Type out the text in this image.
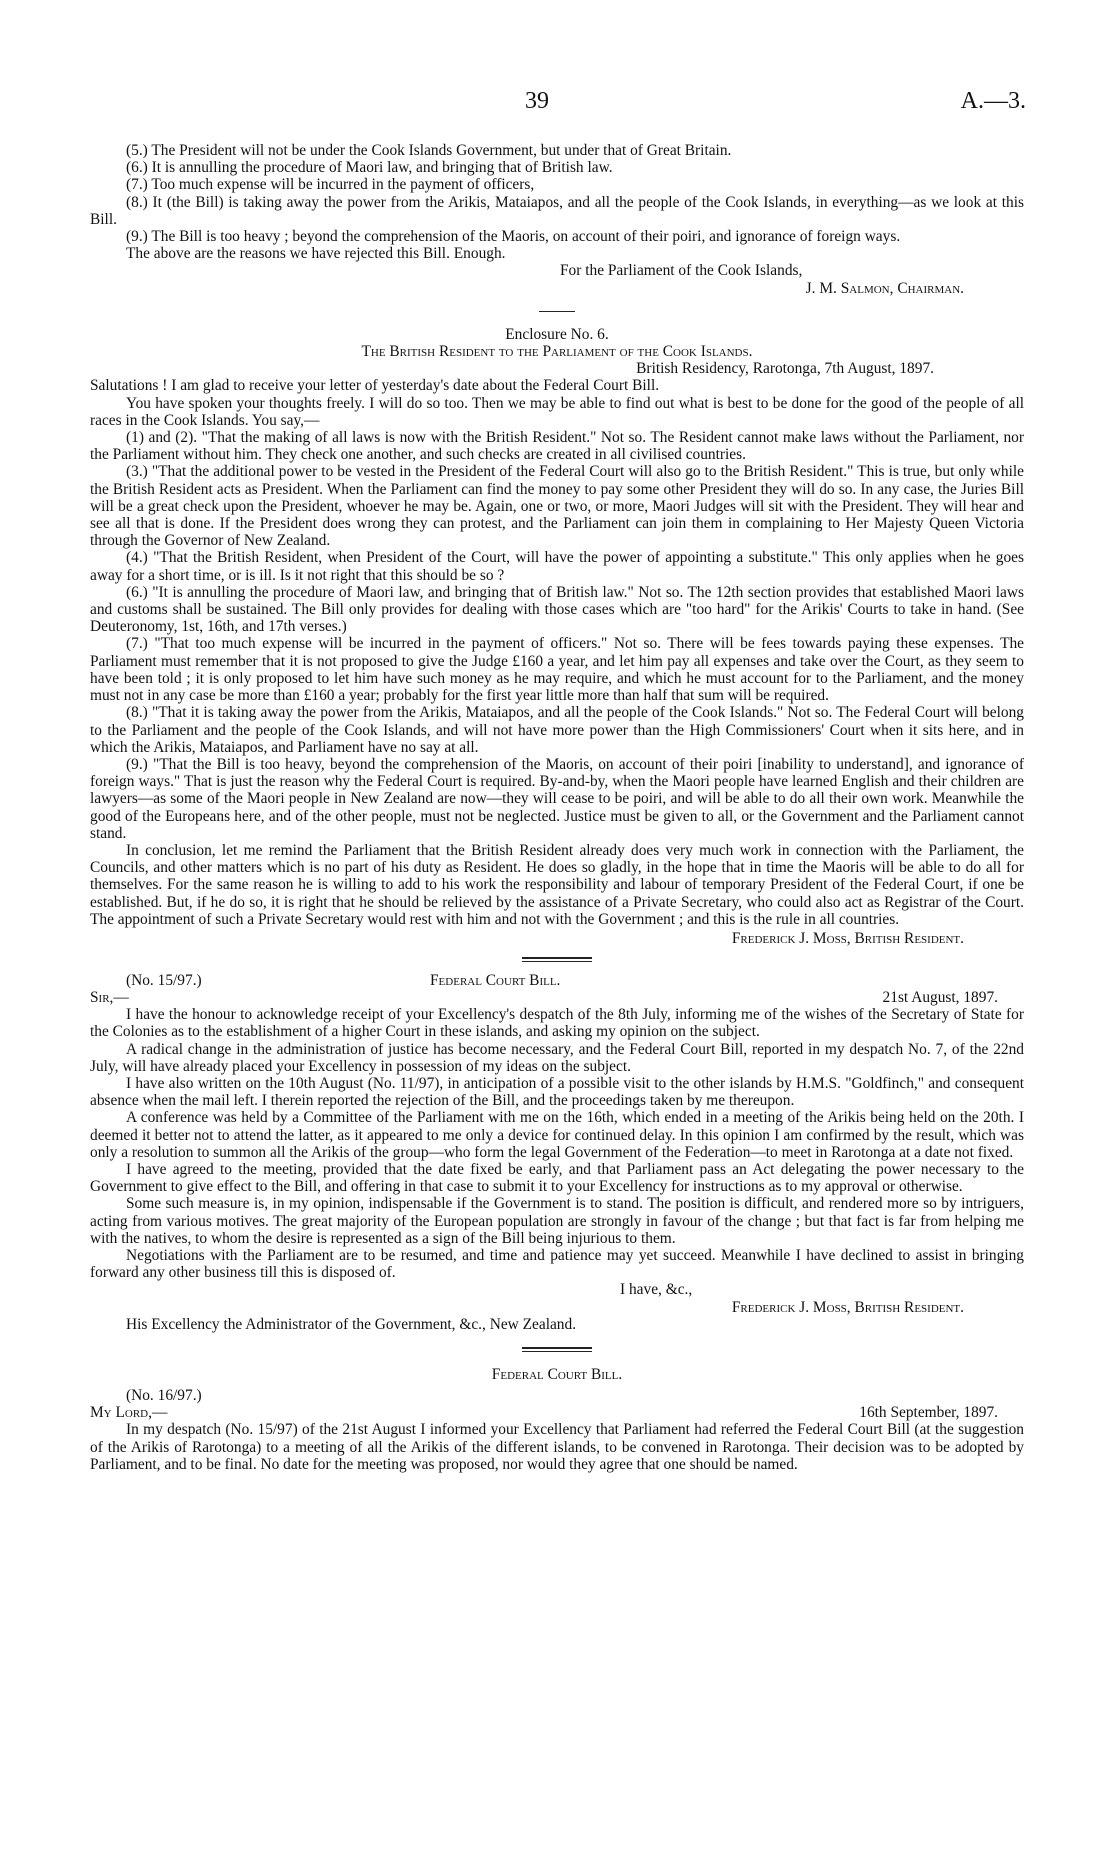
39	A.—3.

(5.) The President will not be under the Cook Islands Government, but under that of Great Britain.

(6.) It is annulling the procedure of Maori law, and bringing that of British law.

(7.) Too much expense will be incurred in the payment of officers,

(8.) It (the Bill) is taking away the power from the Arikis, Mataiapos, and all the people of the Cook Islands, in everything—as we look at this Bill.

(9.) The Bill is too heavy ; beyond the comprehension of the Maoris, on account of their poiri, and ignorance of foreign ways.

The above are the reasons we have rejected this Bill. Enough.

For the Parliament of the Cook Islands,

J. M. Salmon, Chairman.

Enclosure No. 6.

The British Resident to the Parliament of the Cook Islands.

British Residency, Rarotonga, 7th August, 1897.

Salutations ! I am glad to receive your letter of yesterday's date about the Federal Court Bill.

You have spoken your thoughts freely. I will do so too. Then we may be able to find out what is best to be done for the good of the people of all races in the Cook Islands. You say,—

(1) and (2). "That the making of all laws is now with the British Resident." Not so. The Resident cannot make laws without the Parliament, nor the Parliament without him. They check one another, and such checks are created in all civilised countries.

(3.) "That the additional power to be vested in the President of the Federal Court will also go to the British Resident." This is true, but only while the British Resident acts as President. When the Parliament can find the money to pay some other President they will do so. In any case, the Juries Bill will be a great check upon the President, whoever he may be. Again, one or two, or more, Maori Judges will sit with the President. They will hear and see all that is done. If the President does wrong they can protest, and the Parliament can join them in complaining to Her Majesty Queen Victoria through the Governor of New Zealand.

(4.) "That the British Resident, when President of the Court, will have the power of appointing a substitute." This only applies when he goes away for a short time, or is ill. Is it not right that this should be so ?

(6.) "It is annulling the procedure of Maori law, and bringing that of British law." Not so. The 12th section provides that established Maori laws and customs shall be sustained. The Bill only provides for dealing with those cases which are "too hard" for the Arikis' Courts to take in hand. (See Deuteronomy, 1st, 16th, and 17th verses.)

(7.) "That too much expense will be incurred in the payment of officers." Not so. There will be fees towards paying these expenses. The Parliament must remember that it is not proposed to give the Judge £160 a year, and let him pay all expenses and take over the Court, as they seem to have been told ; it is only proposed to let him have such money as he may require, and which he must account for to the Parliament, and the money must not in any case be more than £160 a year; probably for the first year little more than half that sum will be required.

(8.) "That it is taking away the power from the Arikis, Mataiapos, and all the people of the Cook Islands." Not so. The Federal Court will belong to the Parliament and the people of the Cook Islands, and will not have more power than the High Commissioners' Court when it sits here, and in which the Arikis, Mataiapos, and Parliament have no say at all.

(9.) "That the Bill is too heavy, beyond the comprehension of the Maoris, on account of their poiri [inability to understand], and ignorance of foreign ways." That is just the reason why the Federal Court is required. By-and-by, when the Maori people have learned English and their children are lawyers—as some of the Maori people in New Zealand are now—they will cease to be poiri, and will be able to do all their own work. Meanwhile the good of the Europeans here, and of the other people, must not be neglected. Justice must be given to all, or the Government and the Parliament cannot stand.

In conclusion, let me remind the Parliament that the British Resident already does very much work in connection with the Parliament, the Councils, and other matters which is no part of his duty as Resident. He does so gladly, in the hope that in time the Maoris will be able to do all for themselves. For the same reason he is willing to add to his work the responsibility and labour of temporary President of the Federal Court, if one be established. But, if he do so, it is right that he should be relieved by the assistance of a Private Secretary, who could also act as Registrar of the Court. The appointment of such a Private Secretary would rest with him and not with the Government ; and this is the rule in all countries.

Frederick J. Moss, British Resident.

(No. 15/97.)	Federal Court Bill.
Sir,—	21st August, 1897.

I have the honour to acknowledge receipt of your Excellency's despatch of the 8th July, informing me of the wishes of the Secretary of State for the Colonies as to the establishment of a higher Court in these islands, and asking my opinion on the subject.

A radical change in the administration of justice has become necessary, and the Federal Court Bill, reported in my despatch No. 7, of the 22nd July, will have already placed your Excellency in possession of my ideas on the subject.

I have also written on the 10th August (No. 11/97), in anticipation of a possible visit to the other islands by H.M.S. "Goldfinch," and consequent absence when the mail left. I therein reported the rejection of the Bill, and the proceedings taken by me thereupon.

A conference was held by a Committee of the Parliament with me on the 16th, which ended in a meeting of the Arikis being held on the 20th. I deemed it better not to attend the latter, as it appeared to me only a device for continued delay. In this opinion I am confirmed by the result, which was only a resolution to summon all the Arikis of the group—who form the legal Government of the Federation—to meet in Rarotonga at a date not fixed.

I have agreed to the meeting, provided that the date fixed be early, and that Parliament pass an Act delegating the power necessary to the Government to give effect to the Bill, and offering in that case to submit it to your Excellency for instructions as to my approval or otherwise.

Some such measure is, in my opinion, indispensable if the Government is to stand. The position is difficult, and rendered more so by intriguers, acting from various motives. The great majority of the European population are strongly in favour of the change ; but that fact is far from helping me with the natives, to whom the desire is represented as a sign of the Bill being injurious to them.

Negotiations with the Parliament are to be resumed, and time and patience may yet succeed. Meanwhile I have declined to assist in bringing forward any other business till this is disposed of.

I have, &c.,

Frederick J. Moss, British Resident.

His Excellency the Administrator of the Government, &c., New Zealand.

Federal Court Bill.

(No. 16/97.)

My Lord,—	16th September, 1897.

In my despatch (No. 15/97) of the 21st August I informed your Excellency that Parliament had referred the Federal Court Bill (at the suggestion of the Arikis of Rarotonga) to a meeting of all the Arikis of the different islands, to be convened in Rarotonga. Their decision was to be adopted by Parliament, and to be final. No date for the meeting was proposed, nor would they agree that one should be named.
